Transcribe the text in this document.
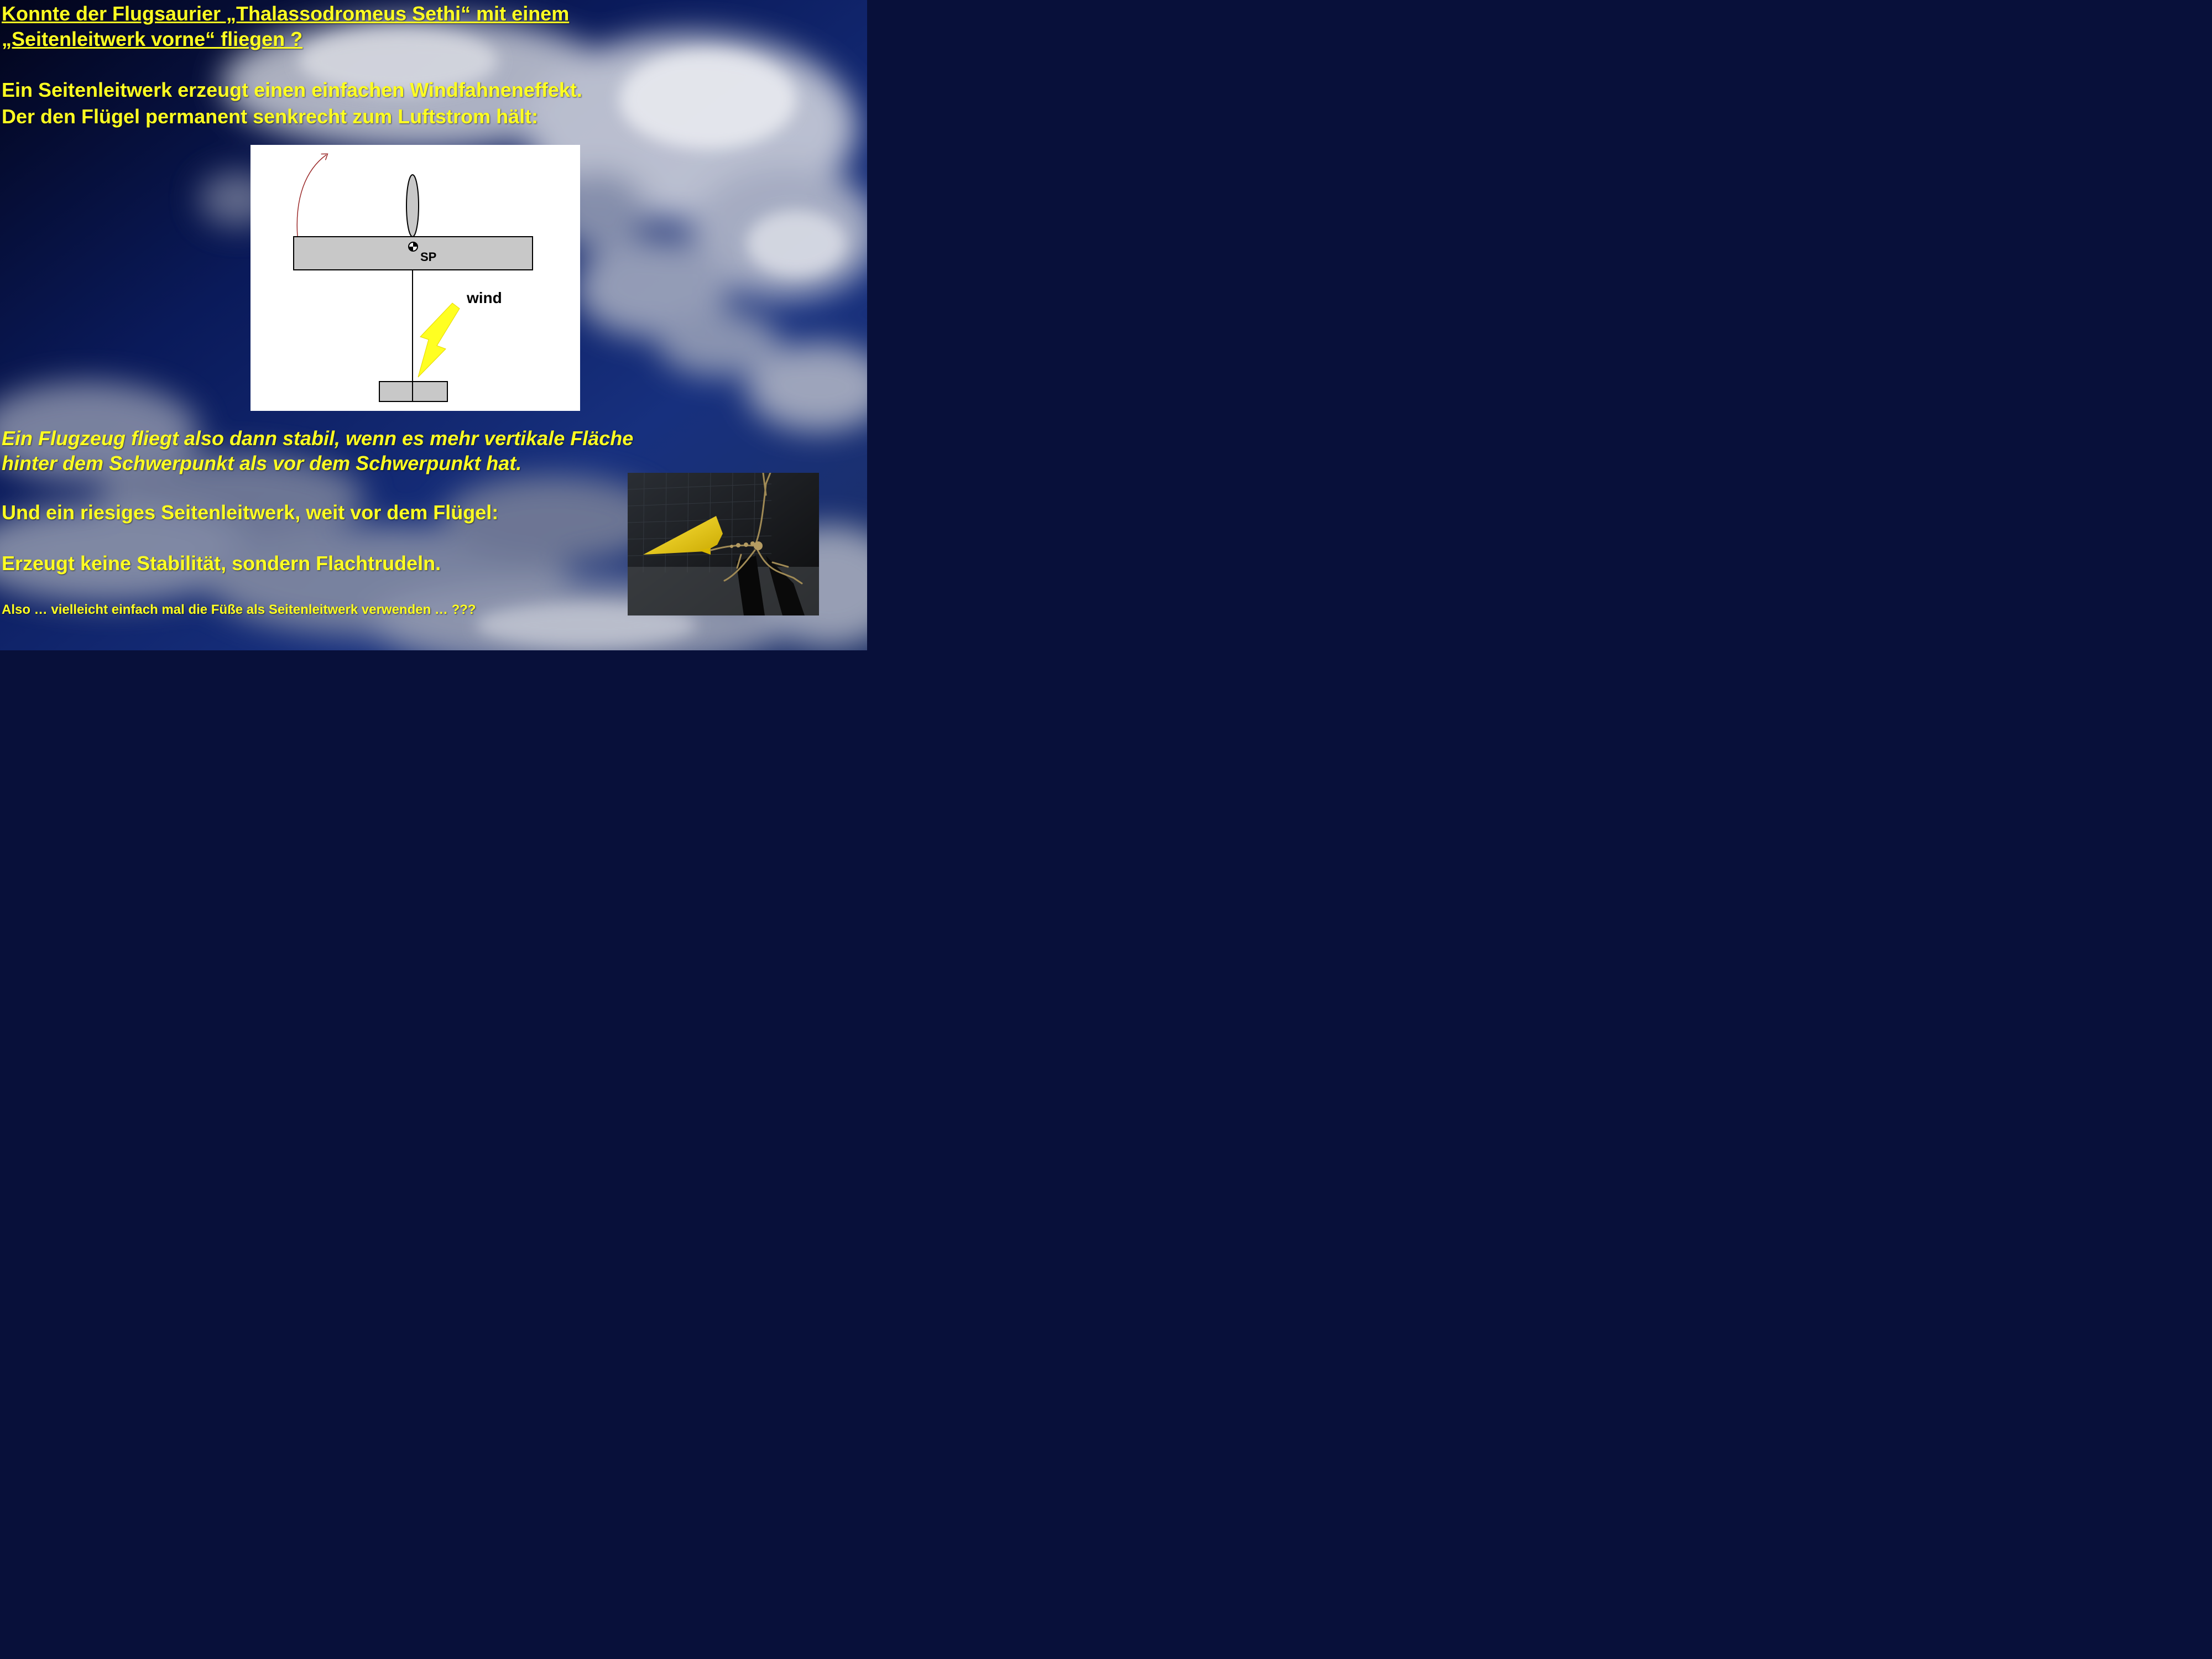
Konnte der Flugsaurier „Thalassodromeus Sethi“ mit einem
„Seitenleitwerk vorne“ fliegen ?

Ein Seitenleitwerk erzeugt einen einfachen Windfahneneffekt.
Der den Flügel permanent senkrecht zum Luftstrom hält:

SP
wind

Ein Flugzeug fliegt also dann stabil, wenn es mehr vertikale Fläche
hinter dem Schwerpunkt als vor dem Schwerpunkt hat.

Und ein riesiges Seitenleitwerk, weit vor dem Flügel:

Erzeugt keine Stabilität, sondern Flachtrudeln.

Also … vielleicht einfach mal die Füße als Seitenleitwerk verwenden … ???
